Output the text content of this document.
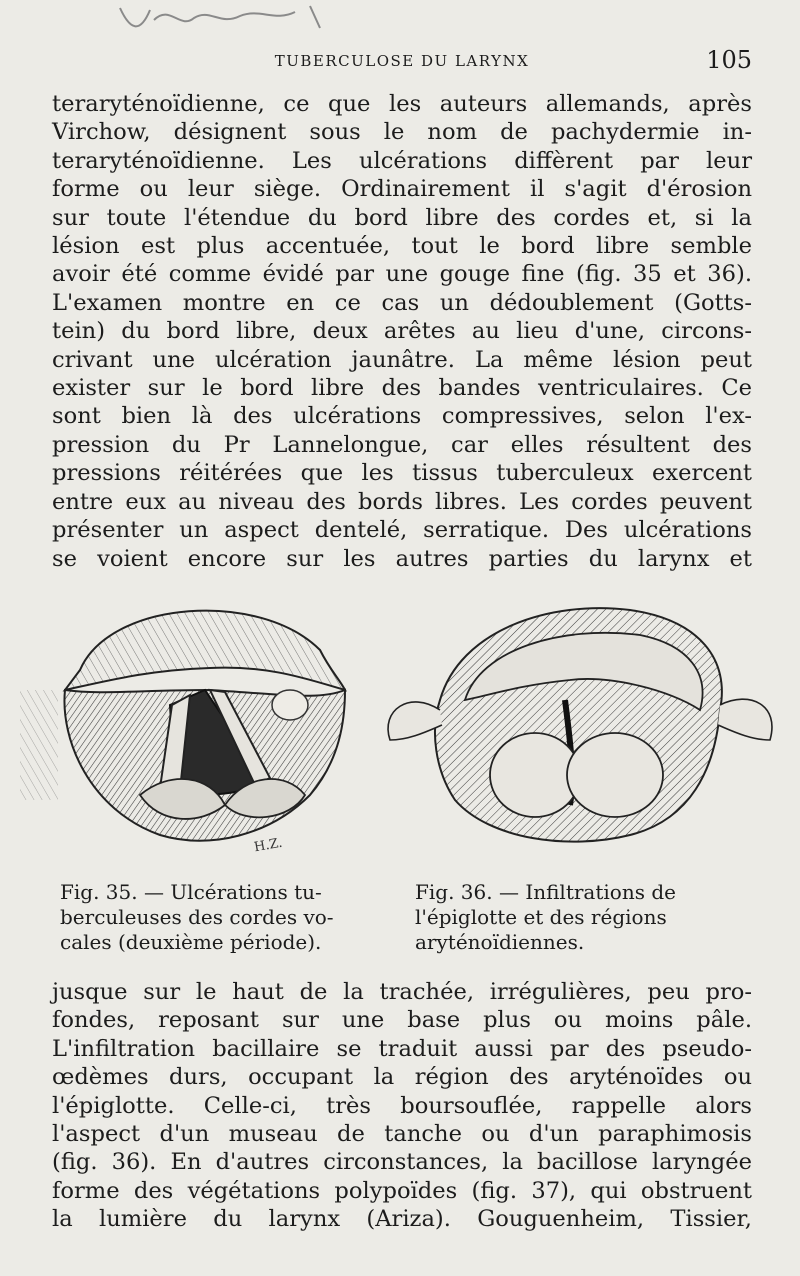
TUBERCULOSE DU LARYNX	105
teraryténoïdienne, ce que les auteurs allemands, après
Virchow, désignent sous le nom de pachydermie in-
teraryténoïdienne. Les ulcérations diffèrent par leur
forme ou leur siège. Ordinairement il s'agit d'érosion
sur toute l'étendue du bord libre des cordes et, si la
lésion est plus accentuée, tout le bord libre semble
avoir été comme évidé par une gouge fine (fig. 35 et 36).
L'examen montre en ce cas un dédoublement (Gotts-
tein) du bord libre, deux arêtes au lieu d'une, circons-
crivant une ulcération jaunâtre. La même lésion peut
exister sur le bord libre des bandes ventriculaires. Ce
sont bien là des ulcérations compressives, selon l'ex-
pression du Pr Lannelongue, car elles résultent des
pressions réitérées que les tissus tuberculeux exercent
entre eux au niveau des bords libres. Les cordes peuvent
présenter un aspect dentelé, serratique. Des ulcérations
se voient encore sur les autres parties du larynx et
H.Z.
Fig. 35. — Ulcérations tu-
berculeuses des cordes vo-
cales (deuxième période).
Fig. 36. — Infiltrations de
l'épiglotte et des régions
aryténoïdiennes.
jusque sur le haut de la trachée, irrégulières, peu pro-
fondes, reposant sur une base plus ou moins pâle.
L'infiltration bacillaire se traduit aussi par des pseudo-
œdèmes durs, occupant la région des aryténoïdes ou
l'épiglotte. Celle-ci, très boursouflée, rappelle alors
l'aspect d'un museau de tanche ou d'un paraphimosis
(fig. 36). En d'autres circonstances, la bacillose laryngée
forme des végétations polypoïdes (fig. 37), qui obstruent
la lumière du larynx (Ariza). Gouguenheim, Tissier,
